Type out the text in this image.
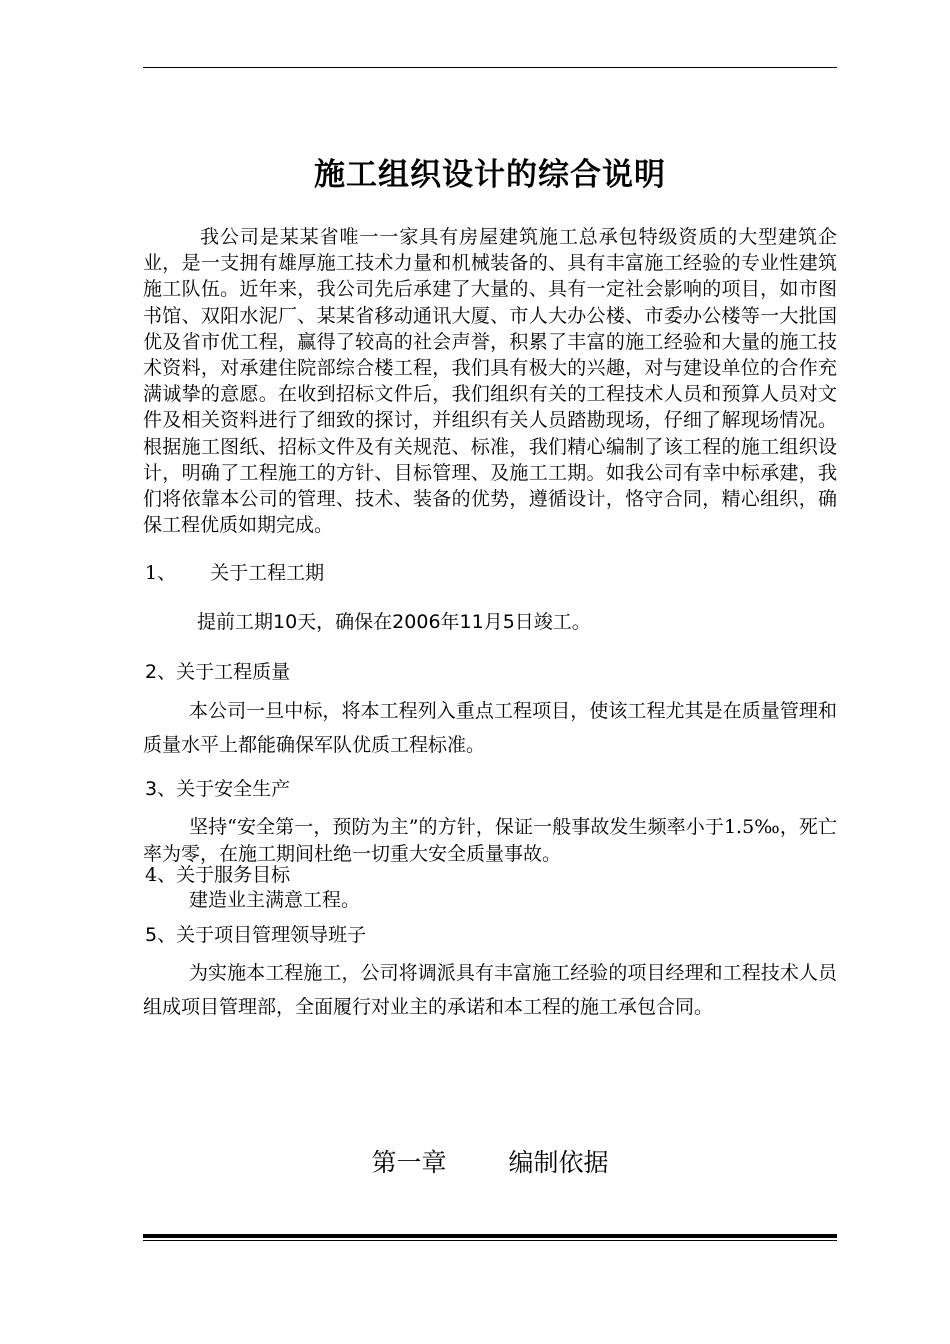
施工组织设计的综合说明

我公司是某某省唯一一家具有房屋建筑施工总承包特级资质的大型建筑企业，是一支拥有雄厚施工技术力量和机械装备的、具有丰富施工经验的专业性建筑施工队伍。近年来，我公司先后承建了大量的、具有一定社会影响的项目，如市图书馆、双阳水泥厂、某某省移动通讯大厦、市人大办公楼、市委办公楼等一大批国优及省市优工程，赢得了较高的社会声誉，积累了丰富的施工经验和大量的施工技术资料，对承建住院部综合楼工程，我们具有极大的兴趣，对与建设单位的合作充满诚挚的意愿。在收到招标文件后，我们组织有关的工程技术人员和预算人员对文件及相关资料进行了细致的探讨，并组织有关人员踏勘现场，仔细了解现场情况。根据施工图纸、招标文件及有关规范、标准，我们精心编制了该工程的施工组织设计，明确了工程施工的方针、目标管理、及施工工期。如我公司有幸中标承建，我们将依靠本公司的管理、技术、装备的优势，遵循设计，恪守合同，精心组织，确保工程优质如期完成。

1、 关于工程工期

提前工期10天，确保在2006年11月5日竣工。

2、关于工程质量

本公司一旦中标，将本工程列入重点工程项目，使该工程尤其是在质量管理和质量水平上都能确保军队优质工程标准。

3、关于安全生产

坚持“安全第一，预防为主”的方针，保证一般事故发生频率小于1.5‰，死亡率为零，在施工期间杜绝一切重大安全质量事故。

4、关于服务目标

建造业主满意工程。

5、关于项目管理领导班子

为实施本工程施工，公司将调派具有丰富施工经验的项目经理和工程技术人员组成项目管理部，全面履行对业主的承诺和本工程的施工承包合同。

第一章 编制依据
